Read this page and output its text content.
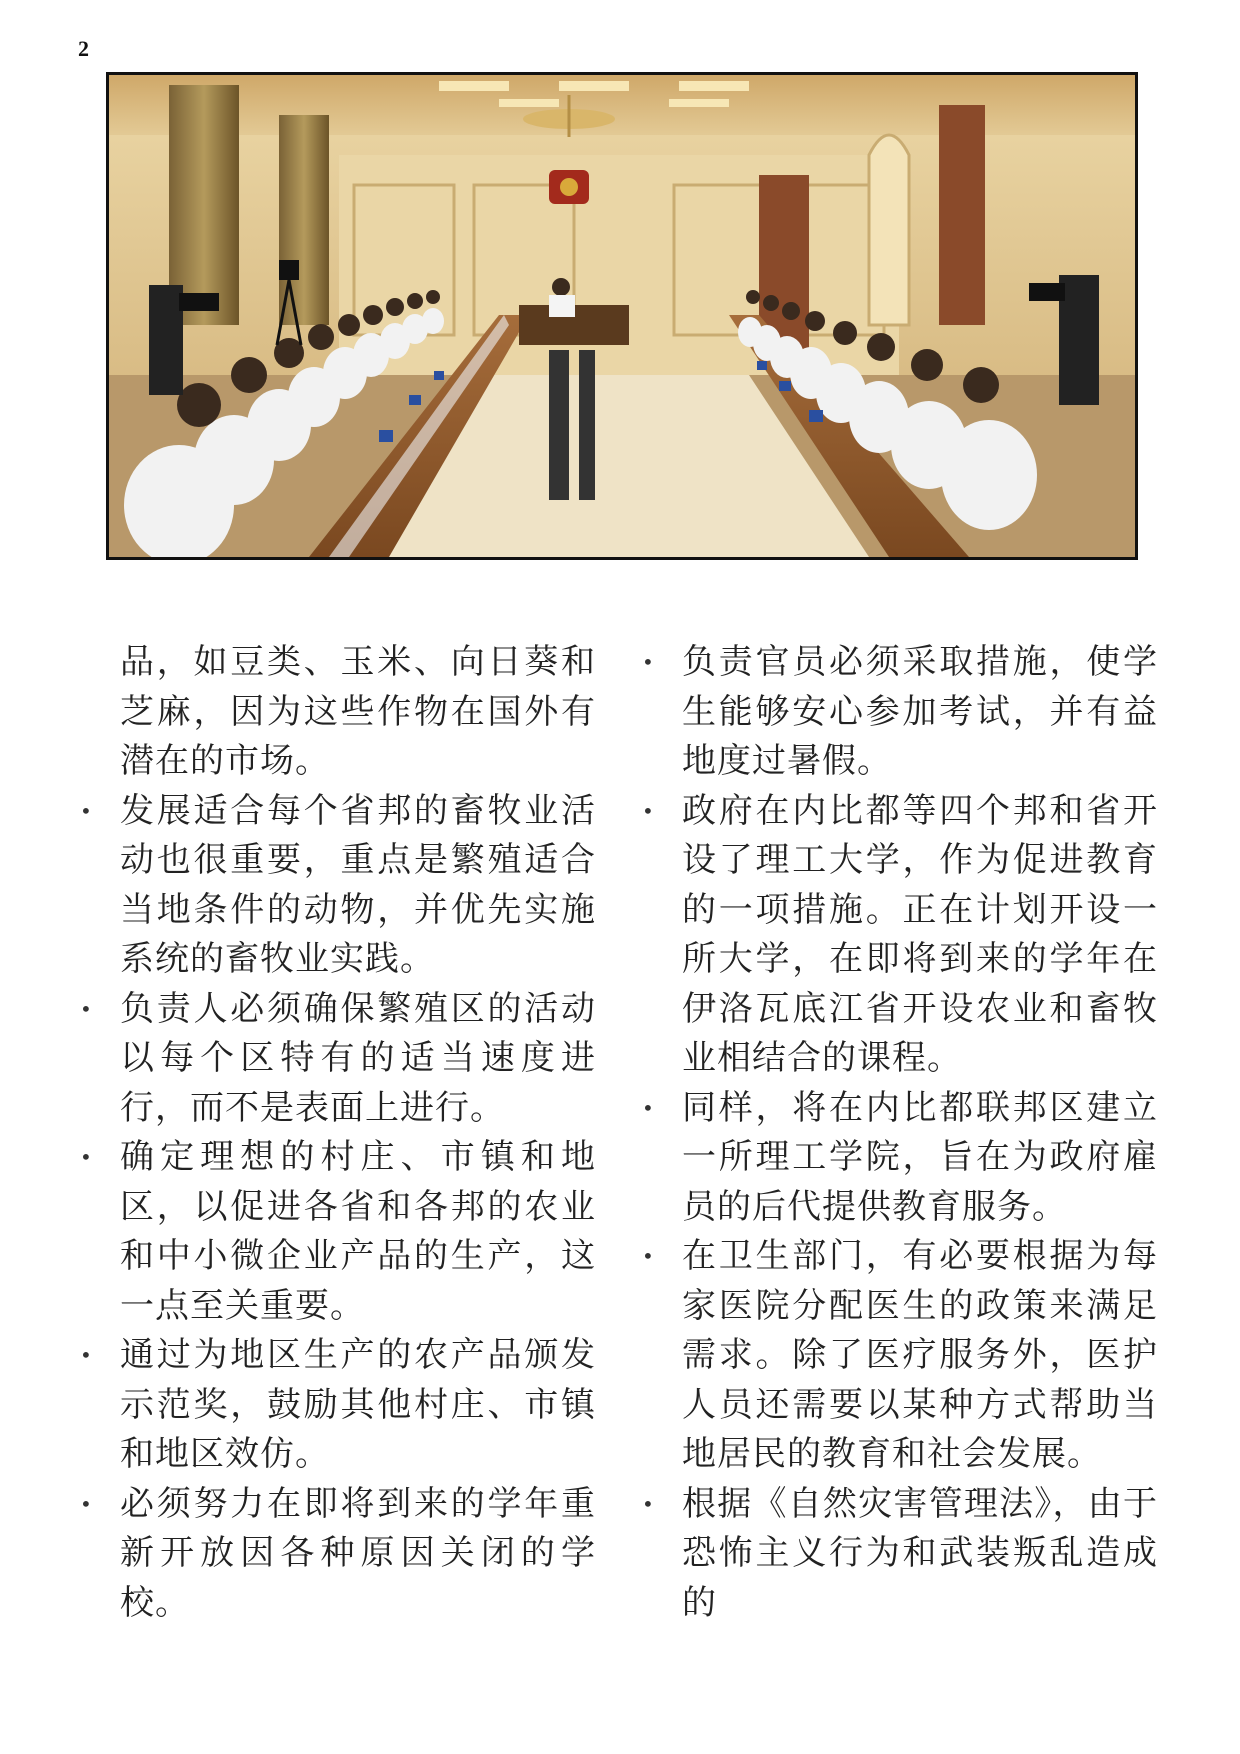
2

品，如豆类、玉米、向日葵和芝麻，因为这些作物在国外有潜在的市场。

• 发展适合每个省邦的畜牧业活动也很重要，重点是繁殖适合当地条件的动物，并优先实施系统的畜牧业实践。

• 负责人必须确保繁殖区的活动以每个区特有的适当速度进行，而不是表面上进行。

• 确定理想的村庄、市镇和地区，以促进各省和各邦的农业和中小微企业产品的生产，这一点至关重要。

• 通过为地区生产的农产品颁发示范奖，鼓励其他村庄、市镇和地区效仿。

• 必须努力在即将到来的学年重新开放因各种原因关闭的学校。

• 负责官员必须采取措施，使学生能够安心参加考试，并有益地度过暑假。

• 政府在内比都等四个邦和省开设了理工大学，作为促进教育的一项措施。正在计划开设一所大学，在即将到来的学年在伊洛瓦底江省开设农业和畜牧业相结合的课程。

• 同样，将在内比都联邦区建立一所理工学院，旨在为政府雇员的后代提供教育服务。

• 在卫生部门，有必要根据为每家医院分配医生的政策来满足需求。除了医疗服务外，医护人员还需要以某种方式帮助当地居民的教育和社会发展。

• 根据《自然灾害管理法》，由于恐怖主义行为和武装叛乱造成的
